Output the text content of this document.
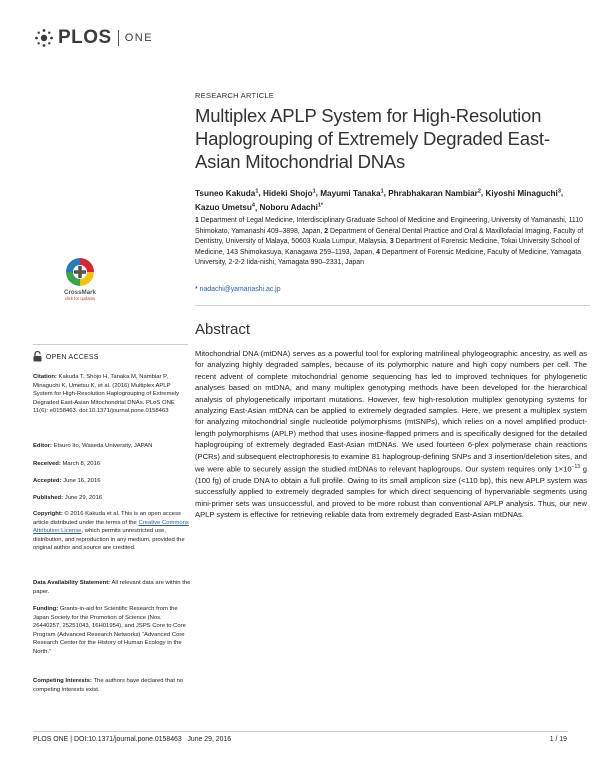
PLOS ONE
RESEARCH ARTICLE
Multiplex APLP System for High-Resolution Haplogrouping of Extremely Degraded East-Asian Mitochondrial DNAs
Tsuneo Kakuda$^1$, Hideki Shojo$^1$, Mayumi Tanaka$^1$, Phrabhakaran Nambiar$^2$, Kiyoshi Minaguchi$^3$, Kazuo Umetsu$^4$, Noboru Adachi$^{1*}$
1 Department of Legal Medicine, Interdisciplinary Graduate School of Medicine and Engineering, University of Yamanashi, 1110 Shimokato, Yamanashi 409–3898, Japan, 2 Department of General Dental Practice and Oral & Maxillofacial Imaging, Faculty of Dentistry, University of Malaya, 50603 Kuala Lumpur, Malaysia, 3 Department of Forensic Medicine, Tokai University School of Medicine, 143 Shimokasuya, Kanagawa 259–1193, Japan, 4 Department of Forensic Medicine, Faculty of Medicine, Yamagata University, 2-2-2 Iida-nishi, Yamagata 990–2331, Japan
* nadachi@yamanashi.ac.jp
CrossMark
click for updates
OPEN ACCESS
Citation: Kakuda T, Shojo H, Tanaka M, Nambiar P, Minaguchi K, Umetsu K, et al. (2016) Multiplex APLP System for High-Resolution Haplogrouping of Extremely Degraded East-Asian Mitochondrial DNAs. PLoS ONE 11(6): e0158463. doi:10.1371/journal.pone.0158463
Editor: Etsuro Ito, Waseda University, JAPAN
Received: March 8, 2016
Accepted: June 16, 2016
Published: June 29, 2016
Copyright: © 2016 Kakuda et al. This is an open access article distributed under the terms of the Creative Commons Attribution License, which permits unrestricted use, distribution, and reproduction in any medium, provided the original author and source are credited.
Data Availability Statement: All relevant data are within the paper.
Funding: Grants-in-aid for Scientific Research from the Japan Society for the Promotion of Science (Nos. 26440257, 25251043, 16H01954), and JSPS Core to Core Program (Advanced Research Networks) “Advanced Core Research Center for the History of Human Ecology in the North.”
Competing Interests: The authors have declared that no competing interests exist.
Abstract
Mitochondrial DNA (mtDNA) serves as a powerful tool for exploring matrilineal phylogeographic ancestry, as well as for analyzing highly degraded samples, because of its polymorphic nature and high copy numbers per cell. The recent advent of complete mitochondrial genome sequencing has led to improved techniques for phylogenetic analyses based on mtDNA, and many multiplex genotyping methods have been developed for the hierarchical analysis of phylogenetically important mutations. However, few high-resolution multiplex genotyping systems for analyzing East-Asian mtDNA can be applied to extremely degraded samples. Here, we present a multiplex system for analyzing mitochondrial single nucleotide polymorphisms (mtSNPs), which relies on a novel amplified product-length polymorphisms (APLP) method that uses inosine-flapped primers and is specifically designed for the detailed haplogrouping of extremely degraded East-Asian mtDNAs. We used fourteen 6-plex polymerase chain reactions (PCRs) and subsequent electrophoresis to examine 81 haplogroup-defining SNPs and 3 insertion/deletion sites, and we were able to securely assign the studied mtDNAs to relevant haplogroups. Our system requires only $1\times 10^{-13}$ g (100 fg) of crude DNA to obtain a full profile. Owing to its small amplicon size (<110 bp), this new APLP system was successfully applied to extremely degraded samples for which direct sequencing of hypervariable segments using mini-primer sets was unsuccessful, and proved to be more robust than conventional APLP analysis. Thus, our new APLP system is effective for retrieving reliable data from extremely degraded East-Asian mtDNAs.
PLOS ONE | DOI:10.1371/journal.pone.0158463 June 29, 2016	1 / 19
